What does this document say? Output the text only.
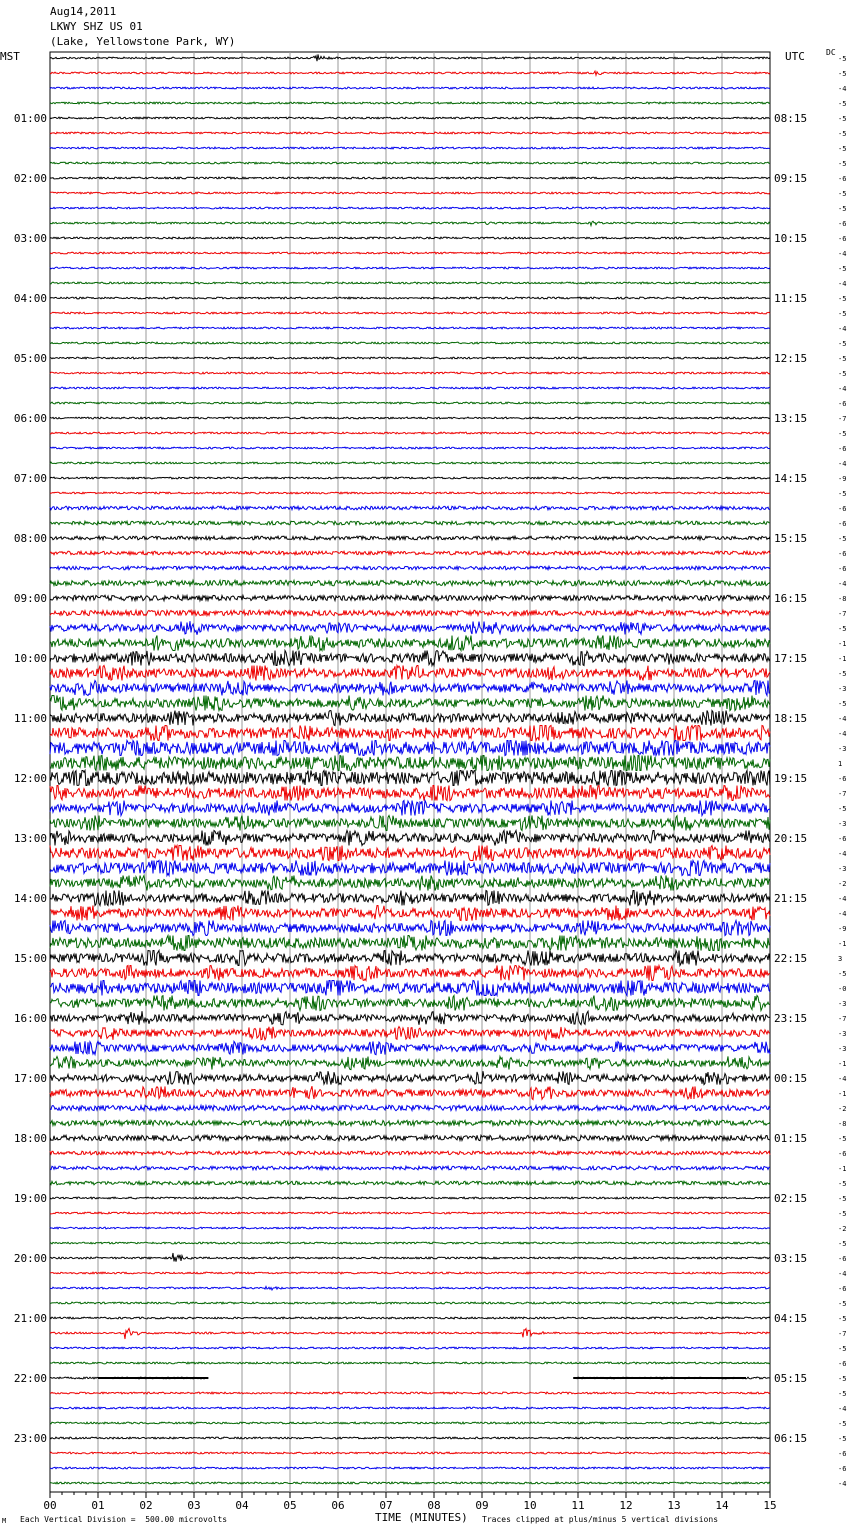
Aug14,2011
LKWY SHZ US 01
(Lake, Yellowstone Park, WY)
MST	UTC	DC
01:00
02:00
03:00
04:00
05:00
06:00
07:00
08:00
09:00
10:00
11:00
12:00
13:00
14:00
15:00
16:00
17:00
18:00
19:00
20:00
21:00
22:00
23:00
08:15
09:15
10:15
11:15
12:15
13:15
14:15
15:15
16:15
17:15
18:15
19:15
20:15
21:15
22:15
23:15
00:15
01:15
02:15
03:15
04:15
05:15
06:15
-5
-5
-4
-5
-5
-5
-5
-5
-6
-5
-5
-6
-6
-4
-5
-4
-5
-5
-4
-5
-5
-5
-4
-6
-7
-5
-6
-4
-9
-5
-6
-6
-5
-6
-6
-4
-8
-7
-5
-1
-1
-5
-3
-5
-4
-4
-3
1
-6
-7
-5
-3
-6
-4
-3
-2
-4
-4
-9
-1
3
-5
-0
-3
-7
-3
-3
-1
-4
-1
-2
-8
-5
-6
-1
-5
-5
-5
-2
-5
-6
-4
-6
-5
-5
-7
-5
-6
-5
-5
-4
-5
-5
-6
-6
-4
00	01	02	03	04	05	06	07	08	09	10	11	12	13	14	15
M Each Vertical Division =  500.00 microvolts	TIME (MINUTES) Traces clipped at plus/minus 5 vertical divisions
